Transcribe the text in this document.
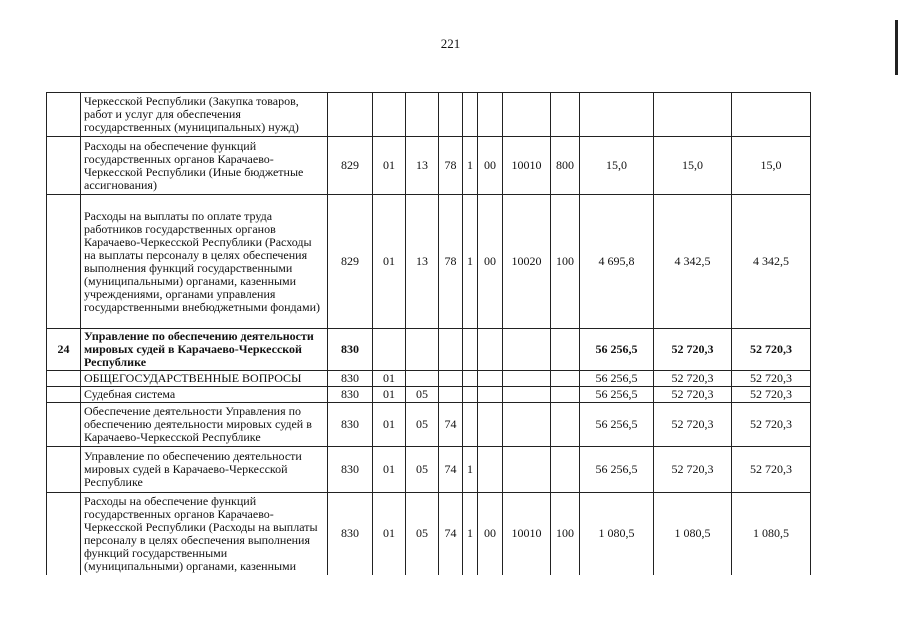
221
	Черкесской Республики (Закупка товаров, работ и услуг для обеспечения государственных (муниципальных) нужд)											
	Расходы на обеспечение функций государственных органов Карачаево-Черкесской Республики (Иные бюджетные ассигнования)	829	01	13	78	1	00	10010	800	15,0	15,0	15,0
	Расходы на выплаты по оплате труда работников государственных органов Карачаево-Черкесской Республики (Расходы на выплаты персоналу в целях обеспечения выполнения функций государственными (муниципальными) органами, казенными учреждениями, органами управления государственными внебюджетными фондами)	829	01	13	78	1	00	10020	100	4 695,8	4 342,5	4 342,5
24	Управление по обеспечению деятельности мировых судей в Карачаево-Черкесской Республике	830								56 256,5	52 720,3	52 720,3
	ОБЩЕГОСУДАРСТВЕННЫЕ ВОПРОСЫ	830	01							56 256,5	52 720,3	52 720,3
	Судебная система	830	01	05						56 256,5	52 720,3	52 720,3
	Обеспечение деятельности Управления по обеспечению деятельности мировых судей в Карачаево-Черкесской Республике	830	01	05	74					56 256,5	52 720,3	52 720,3
	Управление по обеспечению деятельности мировых судей в Карачаево-Черкесской Республике	830	01	05	74	1				56 256,5	52 720,3	52 720,3
	Расходы на обеспечение функций государственных органов Карачаево-Черкесской Республики (Расходы на выплаты персоналу в целях обеспечения выполнения функций государственными (муниципальными) органами, казенными	830	01	05	74	1	00	10010	100	1 080,5	1 080,5	1 080,5
